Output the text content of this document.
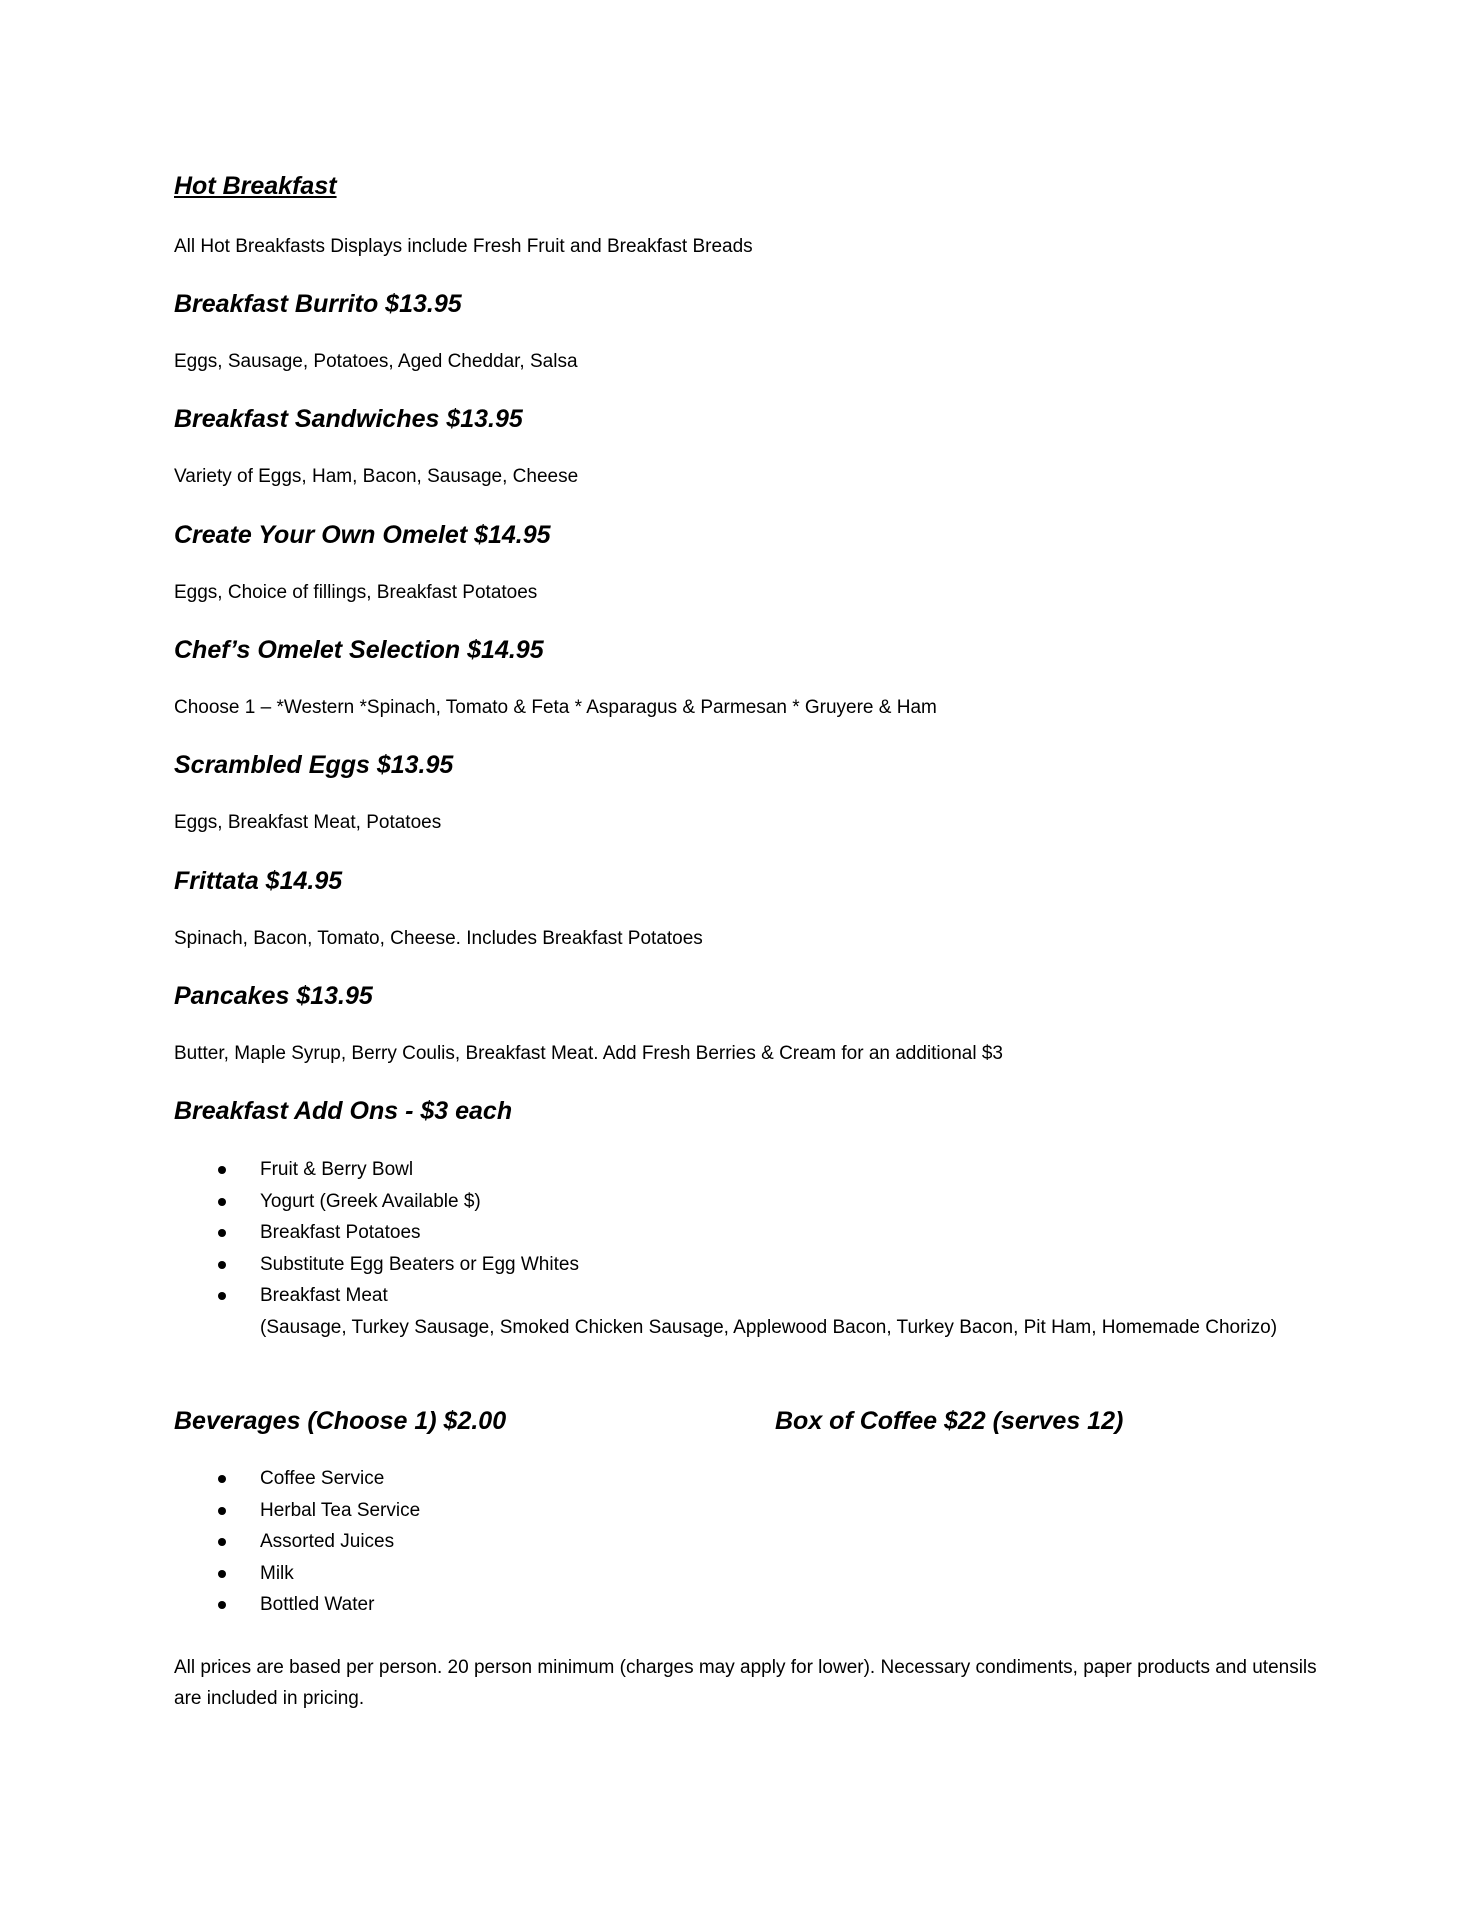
Hot Breakfast

All Hot Breakfasts Displays include Fresh Fruit and Breakfast Breads

Breakfast Burrito $13.95

Eggs, Sausage, Potatoes, Aged Cheddar, Salsa

Breakfast Sandwiches $13.95

Variety of Eggs, Ham, Bacon, Sausage, Cheese

Create Your Own Omelet $14.95

Eggs, Choice of fillings, Breakfast Potatoes

Chef’s Omelet Selection $14.95

Choose 1 – *Western *Spinach, Tomato & Feta * Asparagus & Parmesan * Gruyere & Ham

Scrambled Eggs $13.95

Eggs, Breakfast Meat, Potatoes

Frittata $14.95

Spinach, Bacon, Tomato, Cheese. Includes Breakfast Potatoes

Pancakes $13.95

Butter, Maple Syrup, Berry Coulis, Breakfast Meat. Add Fresh Berries & Cream for an additional $3

Breakfast Add Ons - $3 each
Fruit & Berry Bowl
Yogurt (Greek Available $)
Breakfast Potatoes
Substitute Egg Beaters or Egg Whites
Breakfast Meat
(Sausage, Turkey Sausage, Smoked Chicken Sausage, Applewood Bacon, Turkey Bacon, Pit Ham, Homemade Chorizo)
Beverages (Choose 1) $2.00	Box of Coffee $22 (serves 12)
Coffee Service
Herbal Tea Service
Assorted Juices
Milk
Bottled Water

All prices are based per person. 20 person minimum (charges may apply for lower). Necessary condiments, paper products and utensils are included in pricing.
